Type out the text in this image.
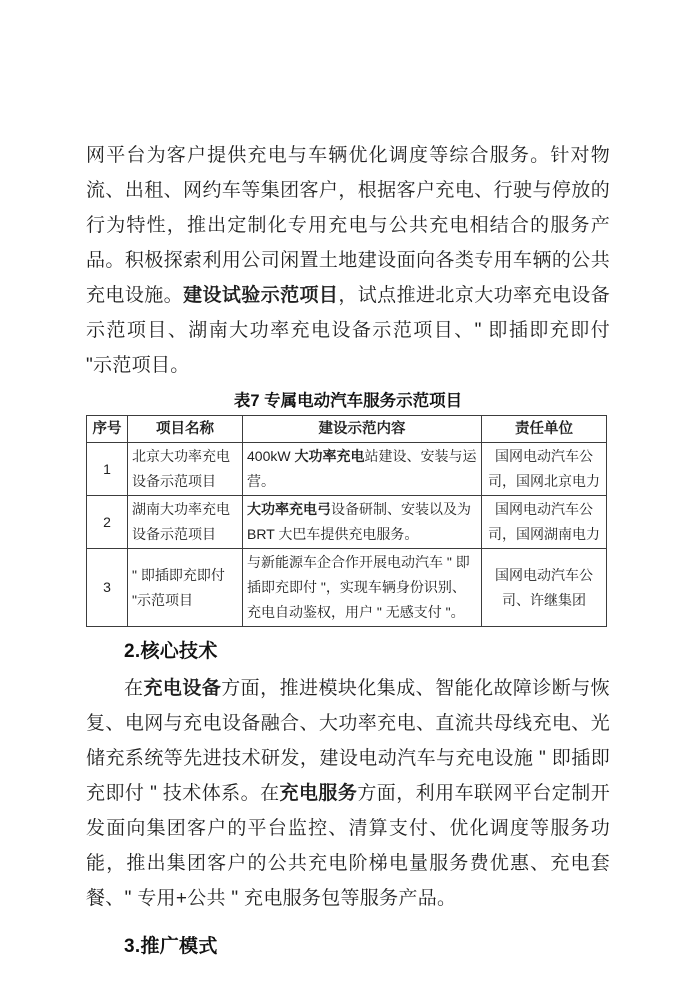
网平台为客户提供充电与车辆优化调度等综合服务。针对物流、出租、网约车等集团客户，根据客户充电、行驶与停放的行为特性，推出定制化专用充电与公共充电相结合的服务产品。积极探索利用公司闲置土地建设面向各类专用车辆的公共充电设施。建设试验示范项目，试点推进北京大功率充电设备示范项目、湖南大功率充电设备示范项目、" 即插即充即付 "示范项目。

表7 专属电动汽车服务示范项目
序号	项目名称	建设示范内容	责任单位
1	北京大功率充电设备示范项目	400kW 大功率充电站建设、安装与运营。	国网电动汽车公司，国网北京电力
2	湖南大功率充电设备示范项目	大功率充电弓设备研制、安装以及为 BRT 大巴车提供充电服务。	国网电动汽车公司，国网湖南电力
3	" 即插即充即付 "示范项目	与新能源车企合作开展电动汽车 " 即插即充即付 "，实现车辆身份识别、充电自动鉴权，用户 " 无感支付 "。	国网电动汽车公司、许继集团
2.核心技术

在充电设备方面，推进模块化集成、智能化故障诊断与恢复、电网与充电设备融合、大功率充电、直流共母线充电、光储充系统等先进技术研发，建设电动汽车与充电设施 " 即插即充即付 " 技术体系。在充电服务方面，利用车联网平台定制开发面向集团客户的平台监控、清算支付、优化调度等服务功能，推出集团客户的公共充电阶梯电量服务费优惠、充电套餐、" 专用+公共 " 充电服务包等服务产品。

3.推广模式
